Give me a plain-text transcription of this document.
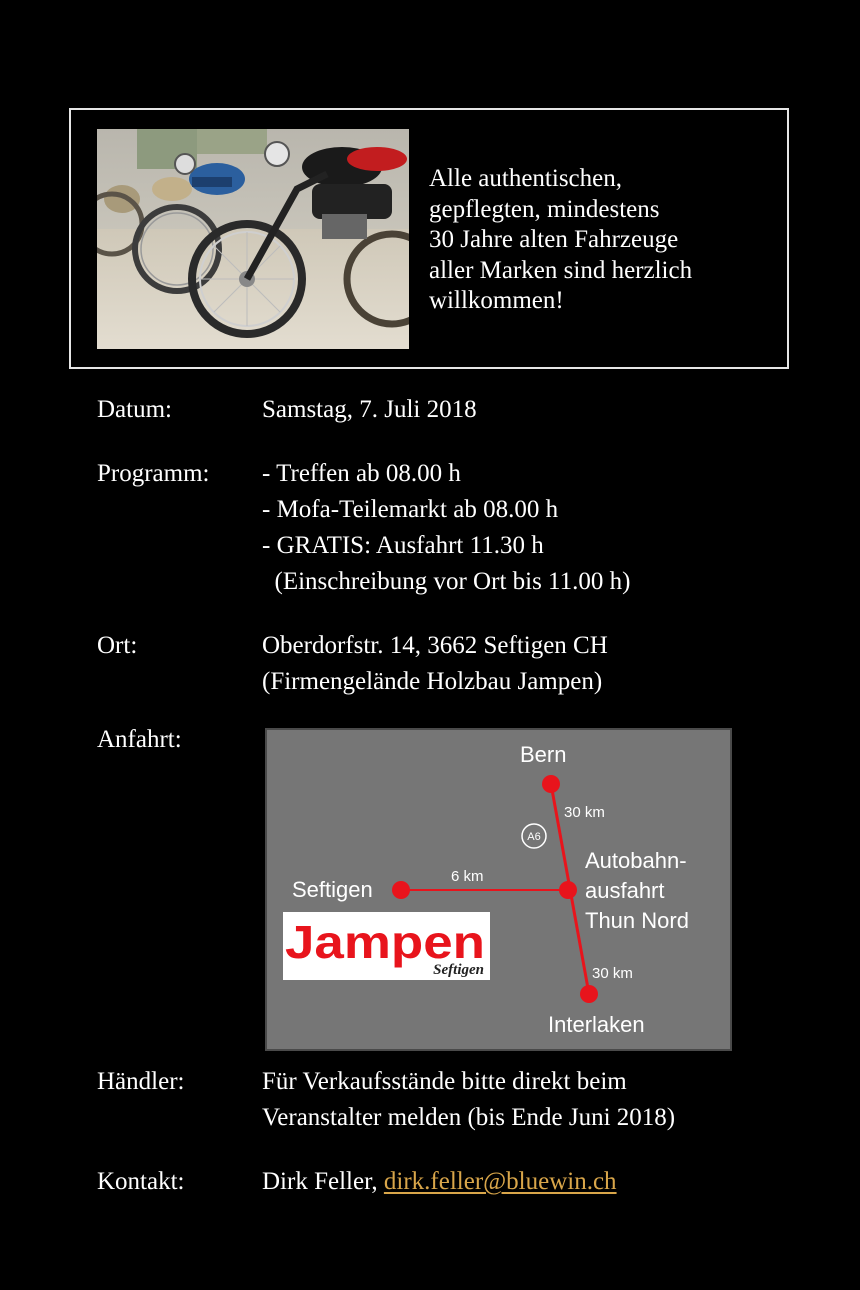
Alle authentischen,
gepflegten, mindestens
30 Jahre alten Fahrzeuge
aller Marken sind herzlich
willkommen!
Datum:	Samstag, 7. Juli 2018
Programm: - Treffen ab 08.00 h
- Mofa-Teilemarkt ab 08.00 h
- GRATIS: Ausfahrt 11.30 h
(Einschreibung vor Ort bis 11.00 h)
Ort:	Oberdorfstr. 14, 3662 Seftigen CH
(Firmengelände Holzbau Jampen)
Anfahrt:
A6
Bern
30 km
Autobahn-
ausfahrt
Thun Nord
Seftigen
6 km
30 km
Interlaken
Jampen
Seftigen
Händler:	Für Verkaufsstände bitte direkt beim
Veranstalter melden (bis Ende Juni 2018)
Kontakt:	Dirk Feller, dirk.feller@bluewin.ch
